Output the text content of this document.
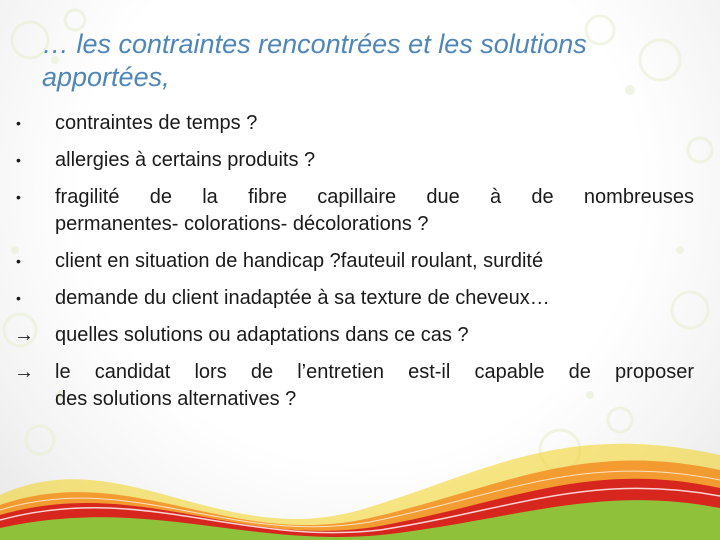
… les contraintes rencontrées et les solutions
apportées,
•	contraintes de temps ?
•	allergies à certains produits ?
•	fragilité de la fibre capillaire due à de nombreuses
permanentes- colorations- décolorations ?
•	client en situation de handicap ?fauteuil roulant, surdité
•	demande du client inadaptée à sa texture de cheveux…
→	quelles solutions ou adaptations dans ce cas ?
→	le candidat lors de l’entretien est-il capable de proposer
des solutions alternatives ?
